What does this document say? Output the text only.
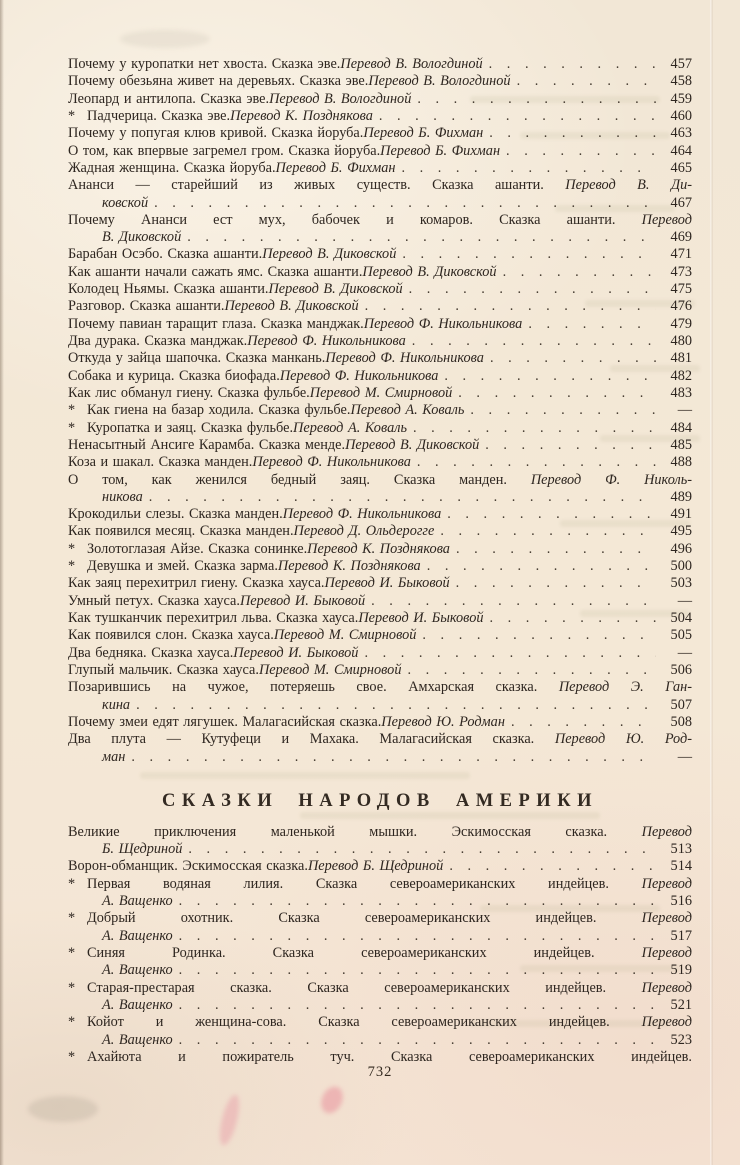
Почему у куропатки нет хвоста. Сказка эве. Перевод В. Вологдиной . . .	457
Почему обезьяна живет на деревьях. Сказка эве. Перевод В. Вологдиной . . .	458
Леопард и антилопа. Сказка эве. Перевод В. Вологдиной . . .	459
* Падчерица. Сказка эве. Перевод К. Позднякова . . .	460
Почему у попугая клюв кривой. Сказка йоруба. Перевод Б. Фихман . . .	463
О том, как впервые загремел гром. Сказка йоруба. Перевод Б. Фихман . . .	464
Жадная женщина. Сказка йоруба. Перевод Б. Фихман . . .	465
Ананси — старейший из живых существ. Сказка ашанти. Перевод В. Ди-
ковской . . .	467
Почему Ананси ест мух, бабочек и комаров. Сказка ашанти. Перевод
В. Диковской . . .	469
Барабан Осэбо. Сказка ашанти. Перевод В. Диковской . . .	471
Как ашанти начали сажать ямс. Сказка ашанти. Перевод В. Диковской . . .	473
Колодец Ньямы. Сказка ашанти. Перевод В. Диковской . . .	475
Разговор. Сказка ашанти. Перевод В. Диковской . . .	476
Почему павиан таращит глаза. Сказка манджак. Перевод Ф. Никольникова . . .	479
Два дурака. Сказка манджак. Перевод Ф. Никольникова . . .	480
Откуда у зайца шапочка. Сказка манкань. Перевод Ф. Никольникова . . .	481
Собака и курица. Сказка биофада. Перевод Ф. Никольникова . . .	482
Как лис обманул гиену. Сказка фульбе. Перевод М. Смирновой . . .	483
* Как гиена на базар ходила. Сказка фульбе. Перевод А. Коваль . . .	—
* Куропатка и заяц. Сказка фульбе. Перевод А. Коваль . . .	484
Ненасытный Ансиге Карамба. Сказка менде. Перевод В. Диковской . . .	485
Коза и шакал. Сказка манден. Перевод Ф. Никольникова . . .	488
О том, как женился бедный заяц. Сказка манден. Перевод Ф. Николь-
никова . . .	489
Крокодильи слезы. Сказка манден. Перевод Ф. Никольникова . . .	491
Как появился месяц. Сказка манден. Перевод Д. Ольдерогге . . .	495
* Золотоглазая Айзе. Сказка сонинке. Перевод К. Позднякова . . .	496
* Девушка и змей. Сказка зарма. Перевод К. Позднякова . . .	500
Как заяц перехитрил гиену. Сказка хауса. Перевод И. Быковой . . .	503
Умный петух. Сказка хауса. Перевод И. Быковой . . .	—
Как тушканчик перехитрил льва. Сказка хауса. Перевод И. Быковой . . .	504
Как появился слон. Сказка хауса. Перевод М. Смирновой . . .	505
Два бедняка. Сказка хауса. Перевод И. Быковой . . .	—
Глупый мальчик. Сказка хауса. Перевод М. Смирновой . . .	506
Позарившись на чужое, потеряешь свое. Амхарская сказка. Перевод Э. Ган-
кина . . .	507
Почему змеи едят лягушек. Малагасийская сказка. Перевод Ю. Родман . . .	508
Два плута — Кутуфеци и Махака. Малагасийская сказка. Перевод Ю. Род-
ман . . .	—
СКАЗКИ НАРОДОВ АМЕРИКИ
Великие приключения маленькой мышки. Эскимосская сказка. Перевод
Б. Щедриной . . .	513
Ворон-обманщик. Эскимосская сказка. Перевод Б. Щедриной . . .	514
* Первая водяная лилия. Сказка североамериканских индейцев. Перевод
А. Ващенко . . .	516
* Добрый охотник. Сказка североамериканских индейцев. Перевод
А. Ващенко . . .	517
* Синяя Родинка. Сказка североамериканских индейцев. Перевод
А. Ващенко . . .	519
* Старая-престарая сказка. Сказка североамериканских индейцев. Перевод
А. Ващенко . . .	521
* Койот и женщина-сова. Сказка североамериканских индейцев. Перевод
А. Ващенко . . .	523
* Ахайюта и пожиратель туч. Сказка североамериканских индейцев.
732
